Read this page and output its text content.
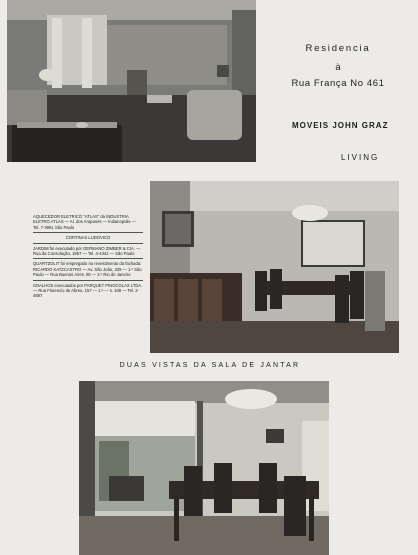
Residencia
à
Rua França No 461
MOVEIS JOHN GRAZ
LIVING
AQUECEDOR ELETRICO "ATLAS" da INDUSTRIA ELETRO ATLAS — Al. dos Arapanés — Indianopolis — Tel. 7-3091 São Paulo
CORTINAS LUDOVICO
JARDIM foi executado por GERMANO ZIMBER & CIA. — Rua da Consolação, 1967 — Tel. 4-4341 — São Paulo
QUARTZOLIT foi empregado no revestimento da fachada: RICARDO KATZCASTRO — Av. São João, 339 — 1.º São Paulo — Rua Buenos Aires, 90 — 2.º Rio de Janeiro
SOALHOS executados por PARQUET PINOCOLAX LTDA. — Rua Florencio de Abreu, 157 — 1.º — s. 109 — Tel. 2-4887
DUAS VISTAS DA SALA DE JANTAR
